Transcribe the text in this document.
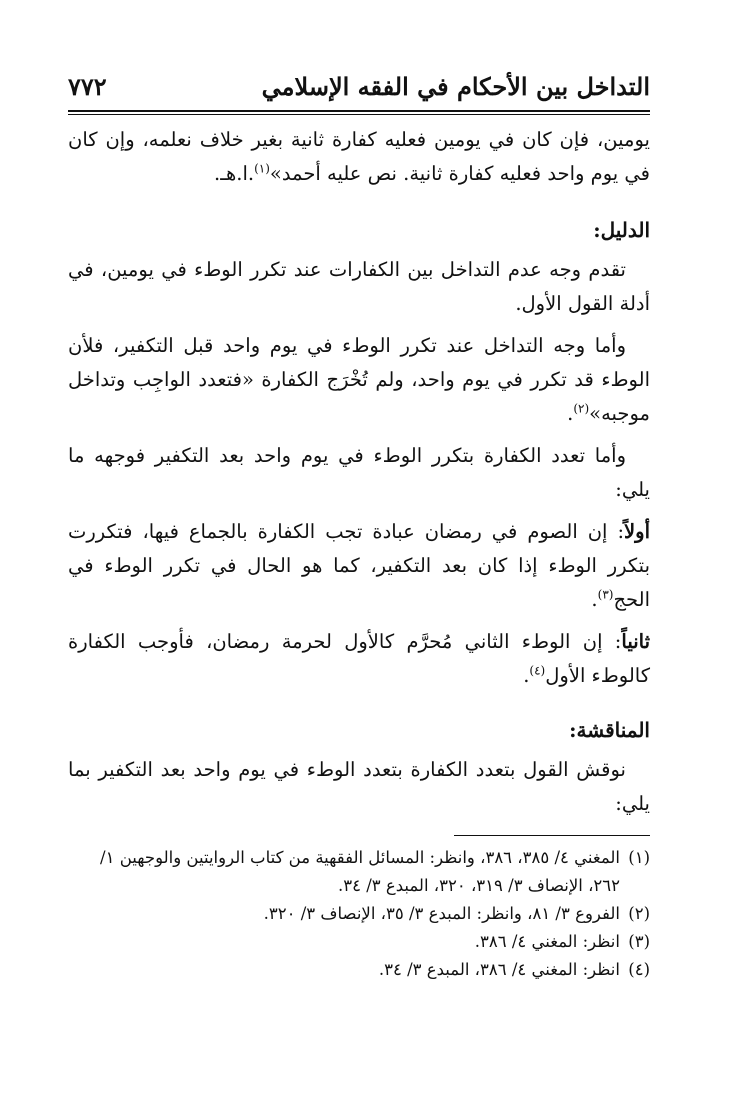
التداخل بين الأحكام في الفقه الإسلامي
٧٧٢

يومين، فإن كان في يومين فعليه كفارة ثانية بغير خلاف نعلمه، وإن كان في يوم واحد فعليه كفارة ثانية. نص عليه أحمد»$^{(١)}$.ا.هـ.

الدليل:

تقدم وجه عدم التداخل بين الكفارات عند تكرر الوطء في يومين، في أدلة القول الأول.

وأما وجه التداخل عند تكرر الوطء في يوم واحد قبل التكفير، فلأن الوطء قد تكرر في يوم واحد، ولم تُخْرَج الكفارة «فتعدد الواجِب وتداخل موجبه»$^{(٢)}$.

وأما تعدد الكفارة بتكرر الوطء في يوم واحد بعد التكفير فوجهه ما يلي:

أولاً: إن الصوم في رمضان عبادة تجب الكفارة بالجماع فيها، فتكررت بتكرر الوطء إذا كان بعد التكفير، كما هو الحال في تكرر الوطء في الحج$^{(٣)}$.

ثانياً: إن الوطء الثاني مُحرَّم كالأول لحرمة رمضان، فأوجب الكفارة كالوطء الأول$^{(٤)}$.

المناقشة:

نوقش القول بتعدد الكفارة بتعدد الوطء في يوم واحد بعد التكفير بما يلي:

(١)المغني ٤/ ٣٨٥، ٣٨٦، وانظر: المسائل الفقهية من كتاب الروايتين والوجهين ١/ ٢٦٢، الإنصاف ٣/ ٣١٩، ٣٢٠، المبدع ٣/ ٣٤.

(٢)الفروع ٣/ ٨١، وانظر: المبدع ٣/ ٣٥، الإنصاف ٣/ ٣٢٠.

(٣)انظر: المغني ٤/ ٣٨٦.

(٤)انظر: المغني ٤/ ٣٨٦، المبدع ٣/ ٣٤.
